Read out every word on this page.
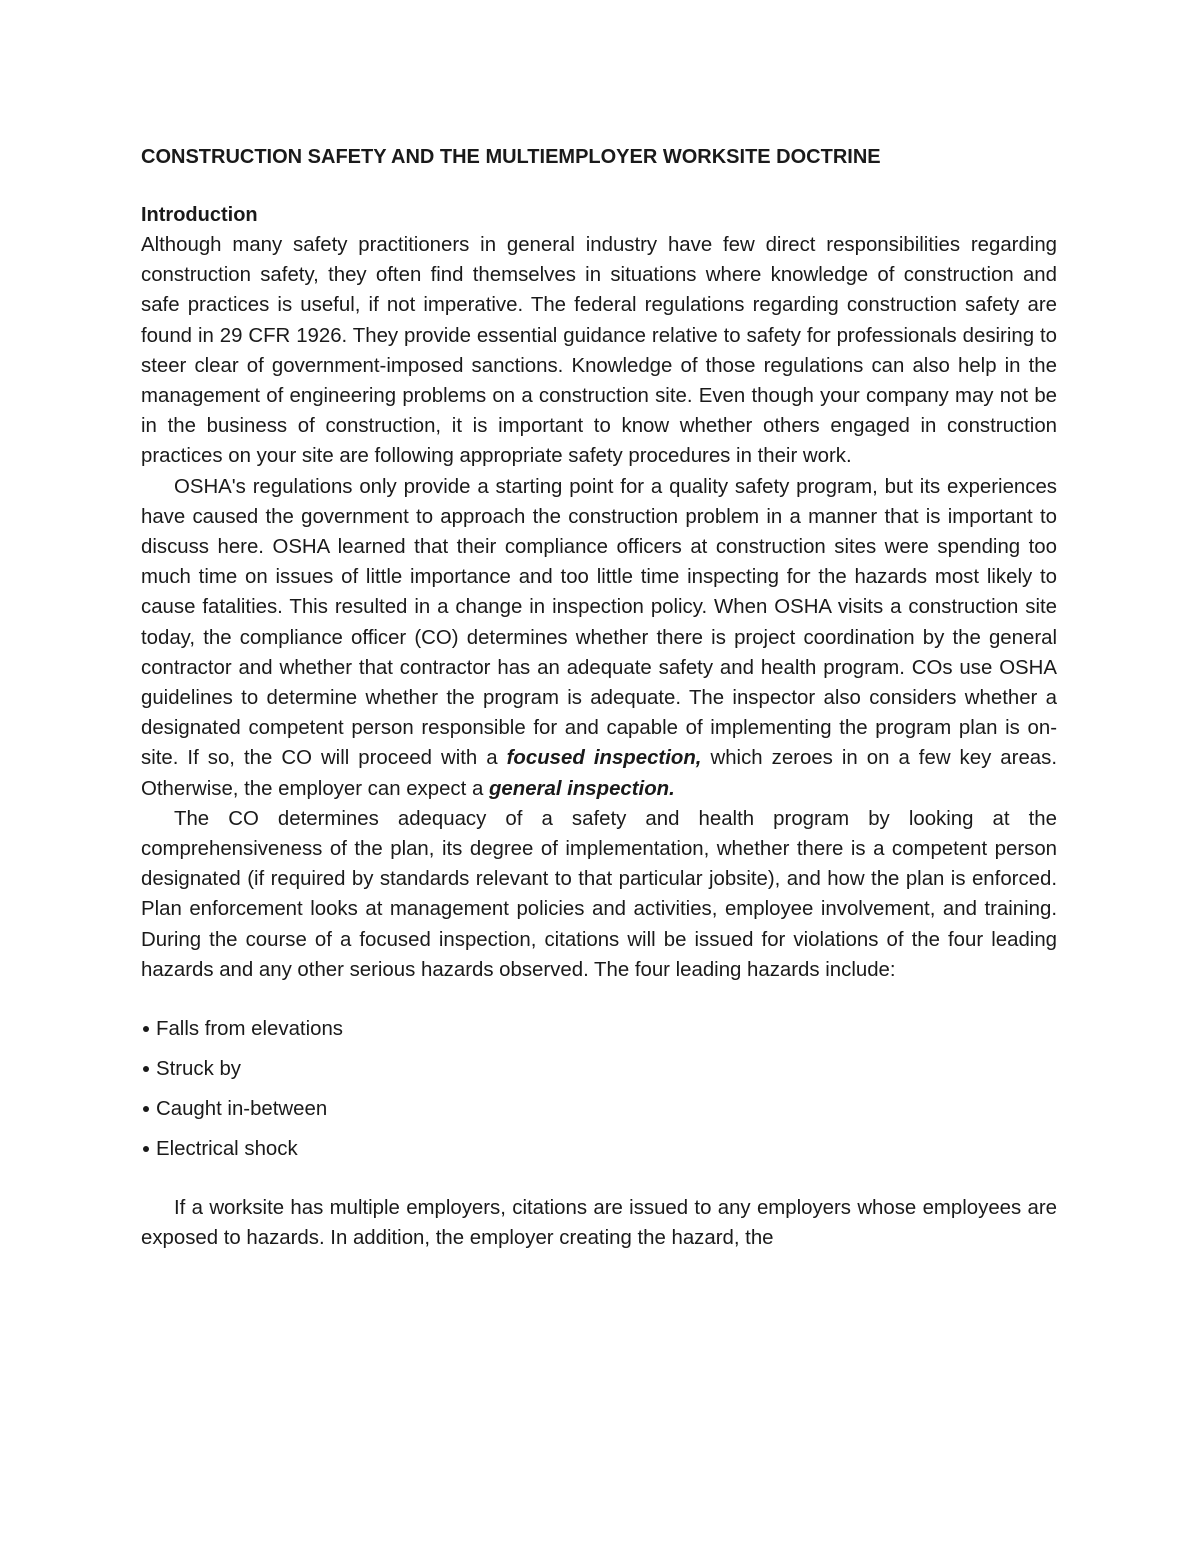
CONSTRUCTION SAFETY AND THE MULTIEMPLOYER WORKSITE DOCTRINE
Introduction

Although many safety practitioners in general industry have few direct responsibilities regarding construction safety, they often find themselves in situations where knowledge of construction and safe practices is useful, if not imperative. The federal regulations regarding construction safety are found in 29 CFR 1926. They provide essential guidance relative to safety for professionals desiring to steer clear of government-imposed sanctions. Knowledge of those regulations can also help in the management of engineering problems on a construction site. Even though your company may not be in the business of construction, it is important to know whether others engaged in construction practices on your site are following appropriate safety procedures in their work.

OSHA's regulations only provide a starting point for a quality safety program, but its experiences have caused the government to approach the construction problem in a manner that is important to discuss here. OSHA learned that their compliance officers at construction sites were spending too much time on issues of little importance and too little time inspecting for the hazards most likely to cause fatalities. This resulted in a change in inspection policy. When OSHA visits a construction site today, the compliance officer (CO) determines whether there is project coordination by the general contractor and whether that contractor has an adequate safety and health program. COs use OSHA guidelines to determine whether the program is adequate. The inspector also considers whether a designated competent person responsible for and capable of implementing the program plan is on-site. If so, the CO will proceed with a focused inspection, which zeroes in on a few key areas. Otherwise, the employer can expect a general inspection.

The CO determines adequacy of a safety and health program by looking at the comprehensiveness of the plan, its degree of implementation, whether there is a competent person designated (if required by standards relevant to that particular jobsite), and how the plan is enforced. Plan enforcement looks at management policies and activities, employee involvement, and training. During the course of a focused inspection, citations will be issued for violations of the four leading hazards and any other serious hazards observed. The four leading hazards include:

Falls from elevations
Struck by
Caught in-between
Electrical shock

If a worksite has multiple employers, citations are issued to any employers whose employees are exposed to hazards. In addition, the employer creating the hazard, the
